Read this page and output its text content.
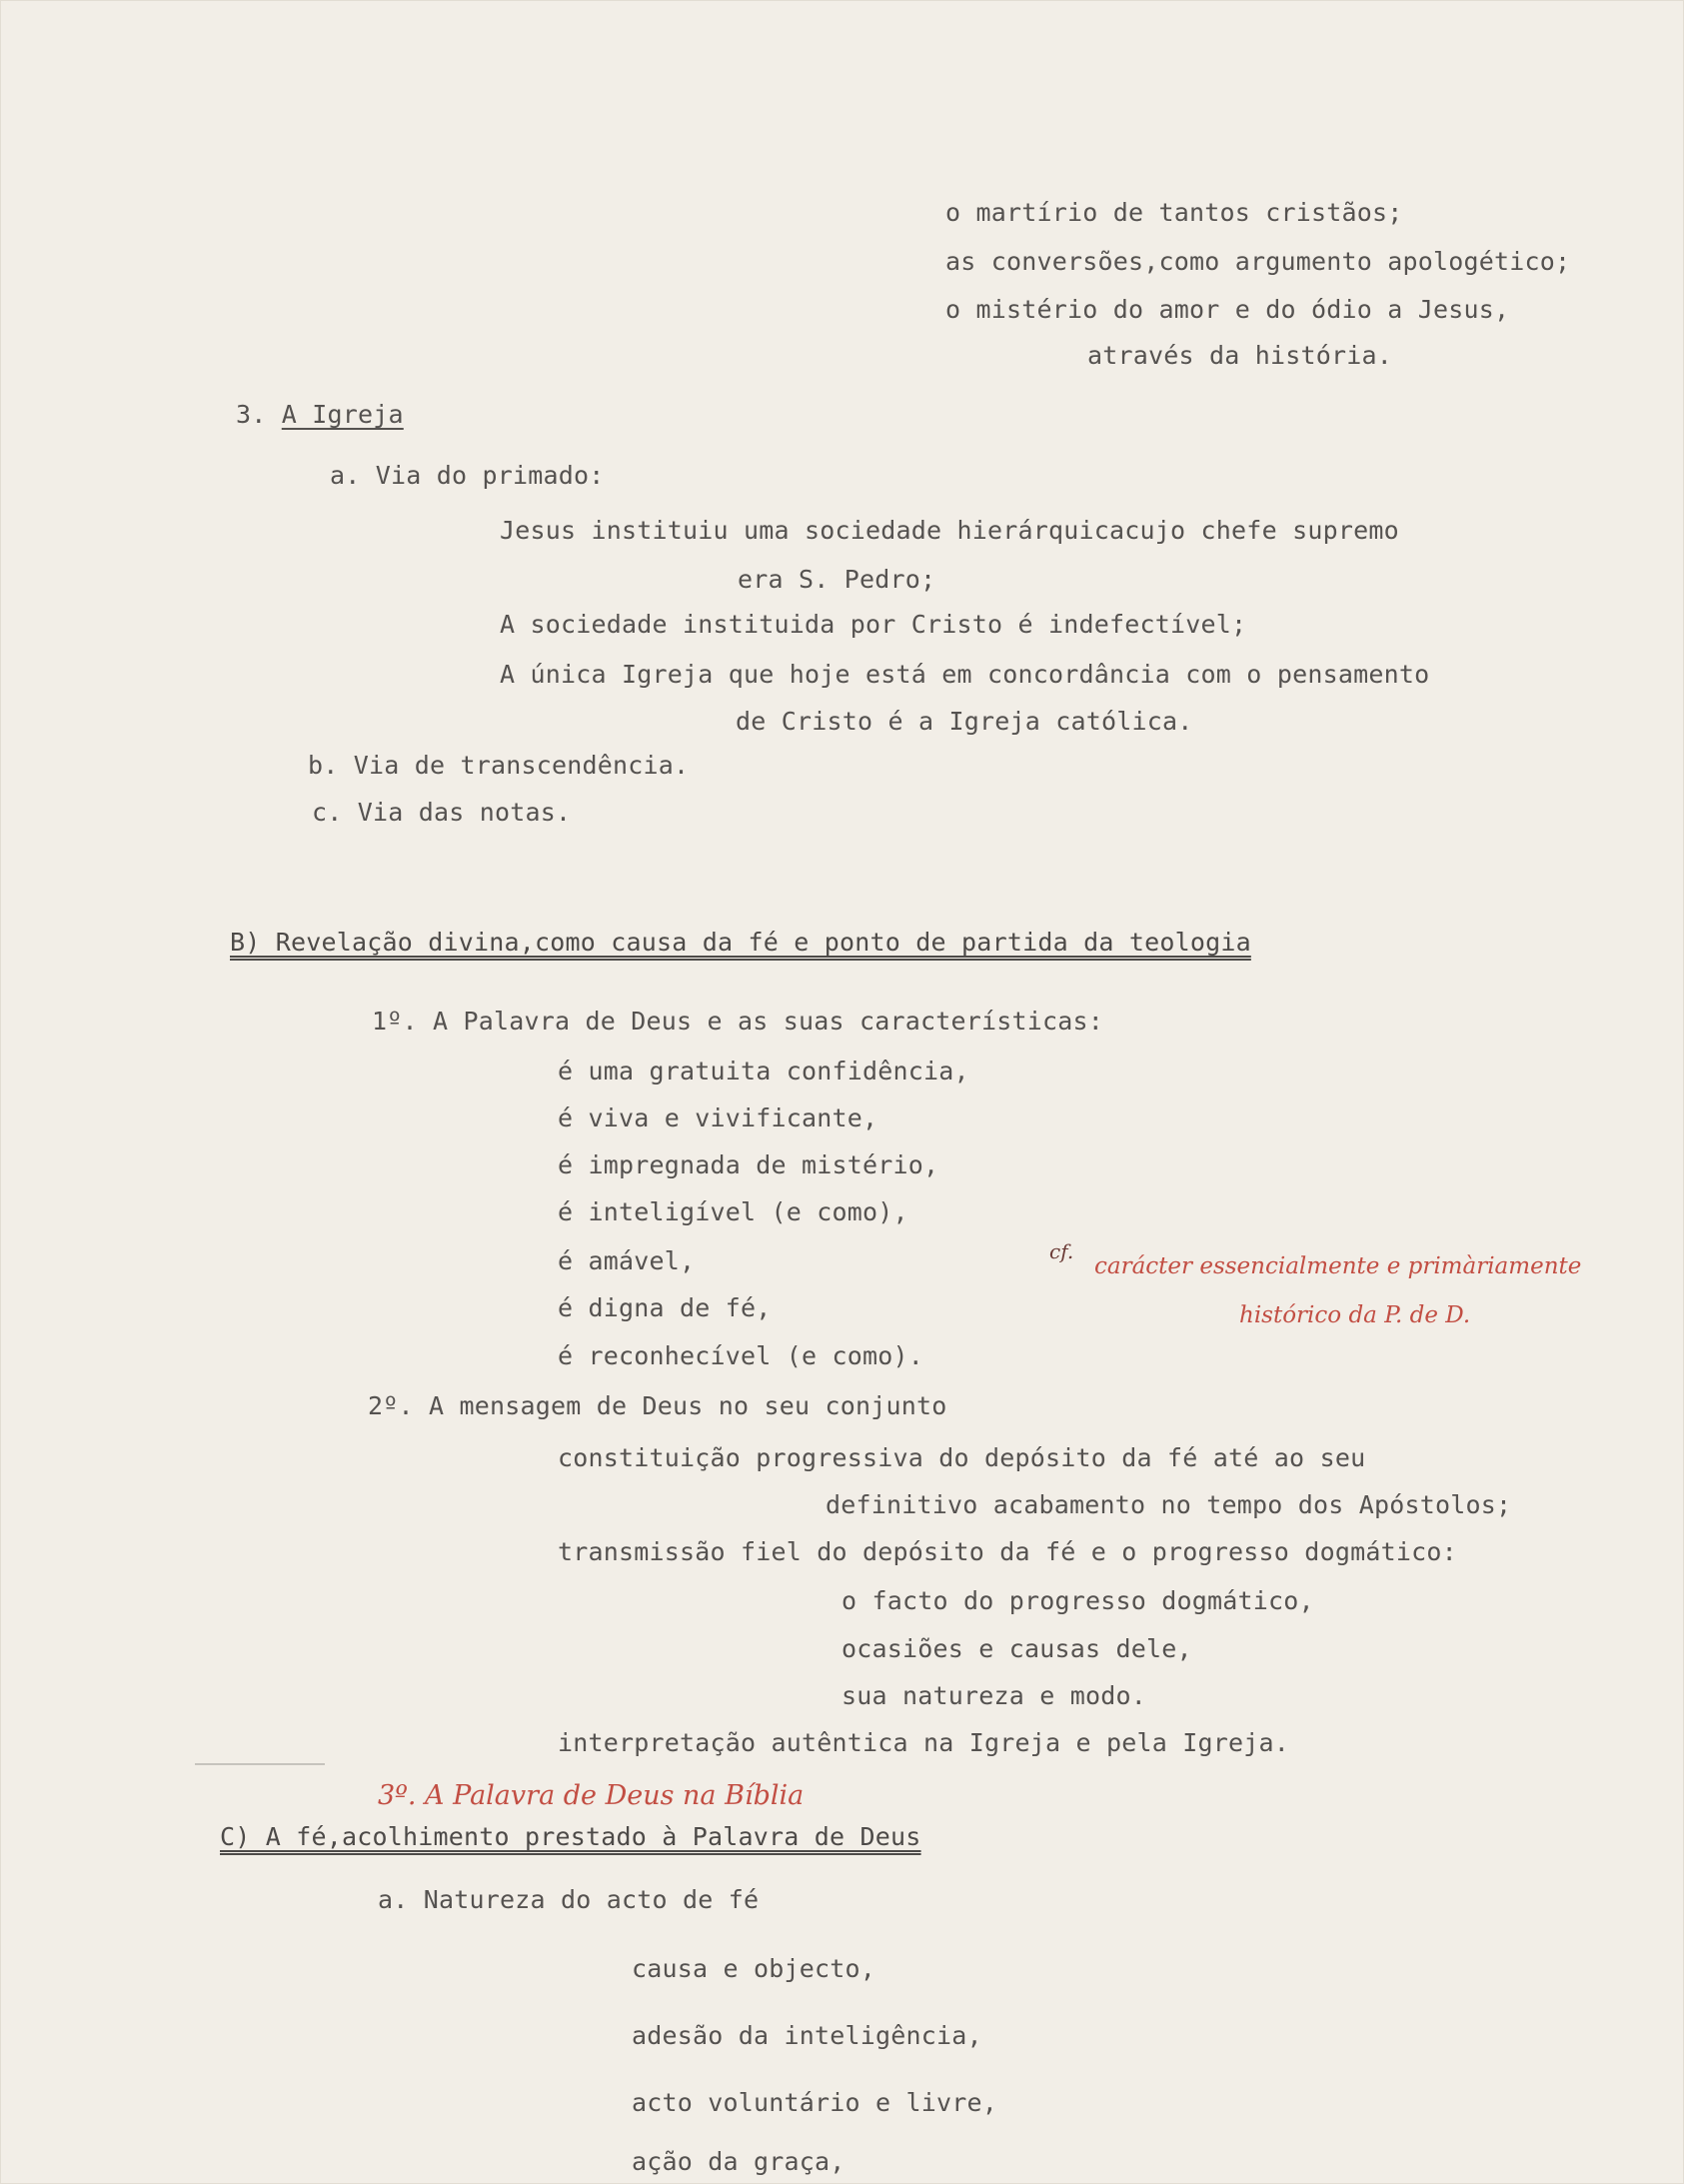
o martírio de tantos cristãos;
as conversões,como argumento apologético;
o mistério do amor e do ódio a Jesus,
através da história.
3. A Igreja
a. Via do primado:
Jesus instituiu uma sociedade hierárquicacujo chefe supremo
era S. Pedro;
A sociedade instituida por Cristo é indefectível;
A única Igreja que hoje está em concordância com o pensamento
de Cristo é a Igreja católica.
b. Via de transcendência.
c. Via das notas.
B) Revelação divina,como causa da fé e ponto de partida da teologia
1º. A Palavra de Deus e as suas características:
é uma gratuita confidência,
é viva e vivificante,
é impregnada de mistério,
é inteligível (e como),
é amável,
é digna de fé,
é reconhecível (e como).
cf.
carácter essencialmente e primàriamente
histórico da P. de D.
2º. A mensagem de Deus no seu conjunto
constituição progressiva do depósito da fé até ao seu
definitivo acabamento no tempo dos Apóstolos;
transmissão fiel do depósito da fé e o progresso dogmático:
o facto do progresso dogmático,
ocasiões e causas dele,
sua natureza e modo.
interpretação autêntica na Igreja e pela Igreja.
3º. A Palavra de Deus na Bíblia
C) A fé,acolhimento prestado à Palavra de Deus
a. Natureza do acto de fé
causa e objecto,
adesão da inteligência,
acto voluntário e livre,
ação da graça,
